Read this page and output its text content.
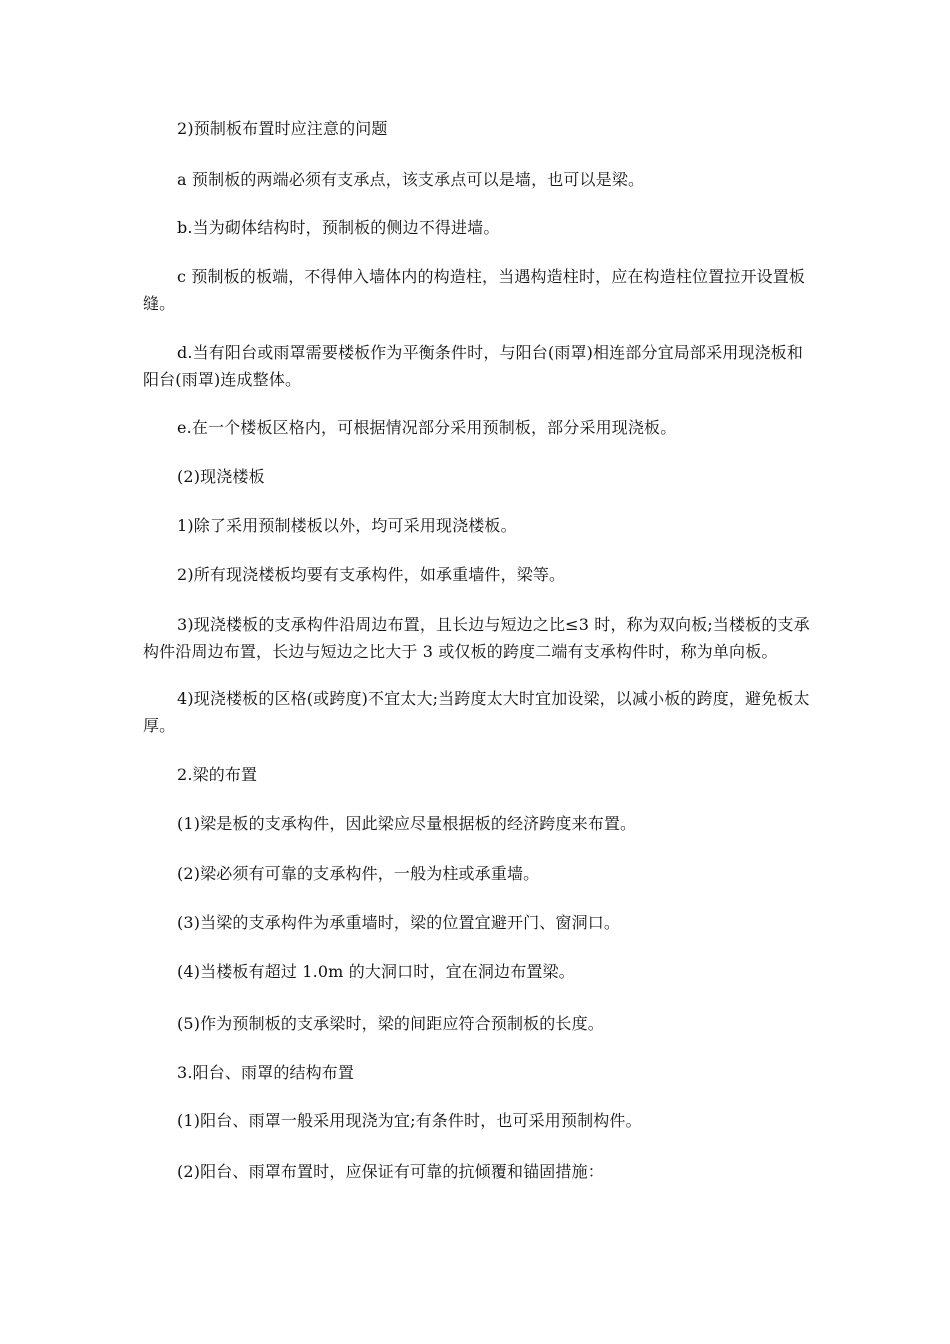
2)预制板布置时应注意的问题

a 预制板的两端必须有支承点，该支承点可以是墙，也可以是梁。

b.当为砌体结构时，预制板的侧边不得进墙。

c 预制板的板端，不得伸入墙体内的构造柱，当遇构造柱时，应在构造柱位置拉开设置板缝。

d.当有阳台或雨罩需要楼板作为平衡条件时，与阳台(雨罩)相连部分宜局部采用现浇板和阳台(雨罩)连成整体。

e.在一个楼板区格内，可根据情况部分采用预制板，部分采用现浇板。

(2)现浇楼板

1)除了采用预制楼板以外，均可采用现浇楼板。

2)所有现浇楼板均要有支承构件，如承重墙件，梁等。

3)现浇楼板的支承构件沿周边布置，且长边与短边之比≤3 时，称为双向板;当楼板的支承构件沿周边布置，长边与短边之比大于 3 或仅板的跨度二端有支承构件时，称为单向板。

4)现浇楼板的区格(或跨度)不宜太大;当跨度太大时宜加设梁，以减小板的跨度，避免板太厚。

2.梁的布置

(1)梁是板的支承构件，因此梁应尽量根据板的经济跨度来布置。

(2)梁必须有可靠的支承构件，一般为柱或承重墙。

(3)当梁的支承构件为承重墙时，梁的位置宜避开门、窗洞口。

(4)当楼板有超过 1.0m 的大洞口时，宜在洞边布置梁。

(5)作为预制板的支承梁时，梁的间距应符合预制板的长度。

3.阳台、雨罩的结构布置

(1)阳台、雨罩一般采用现浇为宜;有条件时，也可采用预制构件。

(2)阳台、雨罩布置时，应保证有可靠的抗倾覆和锚固措施：
